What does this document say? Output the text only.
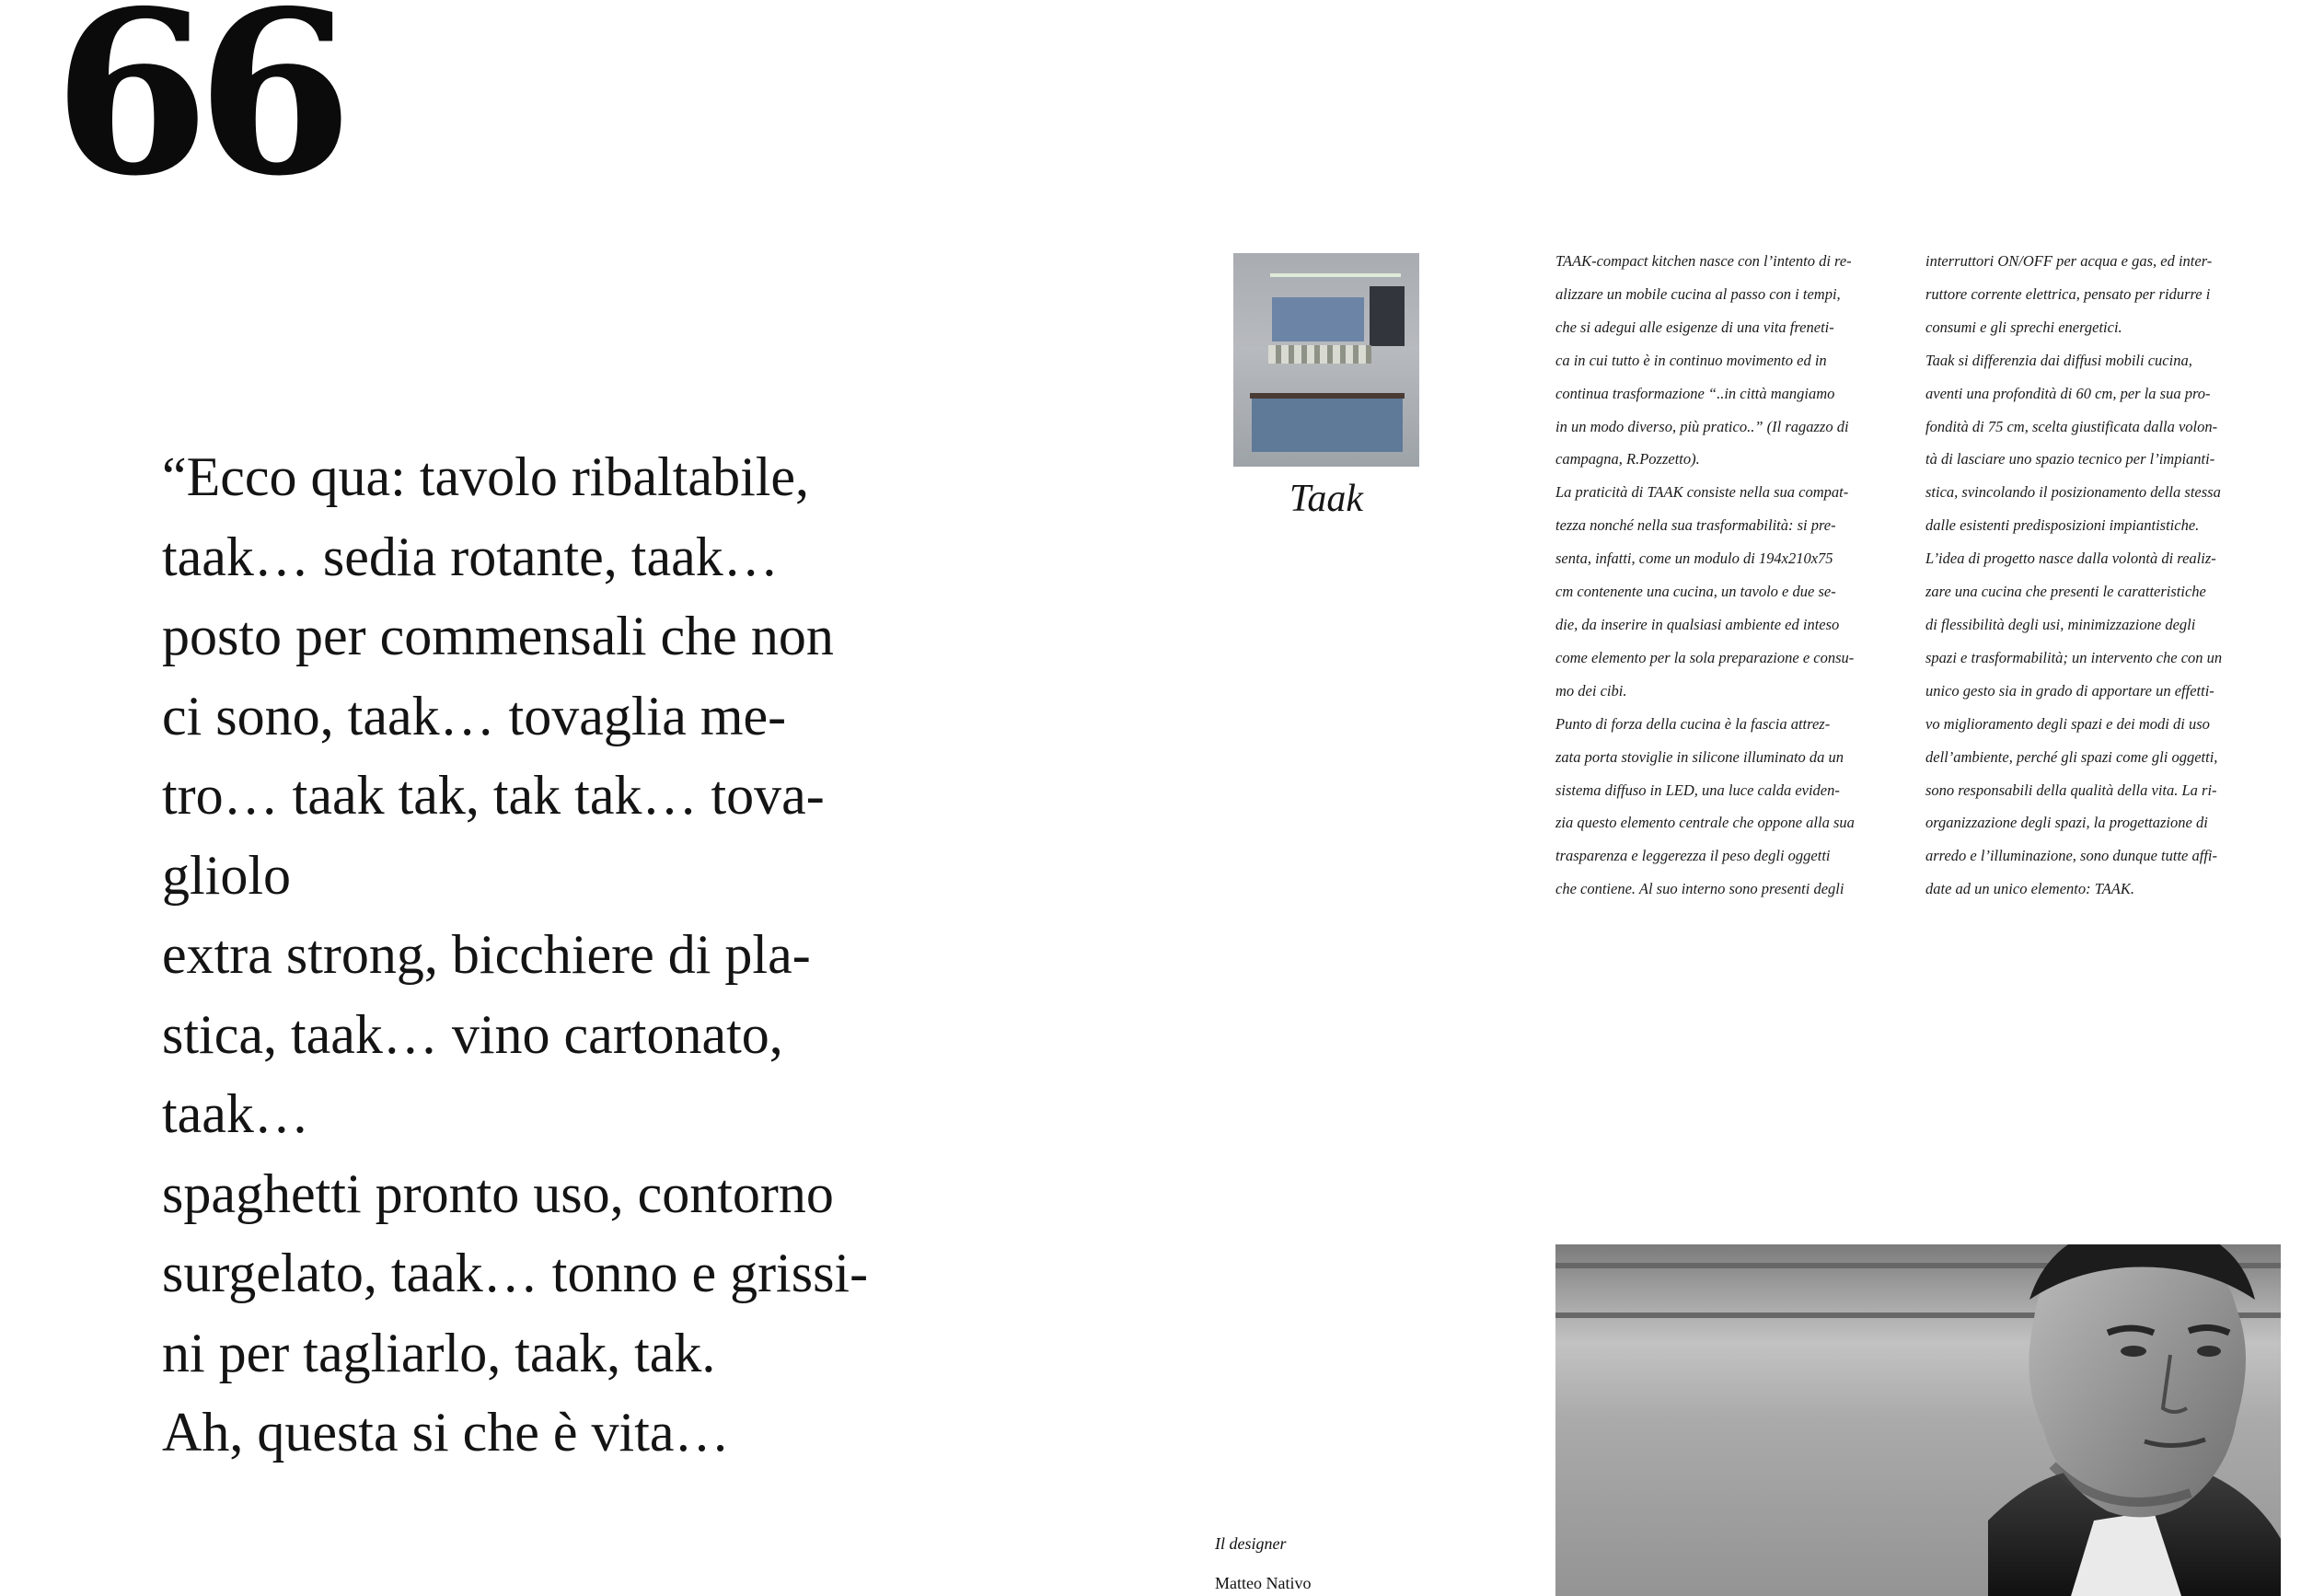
66
“Ecco qua: tavolo ribaltabile,
taak… sedia rotante, taak…
posto per commensali che non
ci sono, taak… tovaglia me-
tro… taak tak, tak tak… tova-
gliolo
extra strong, bicchiere di pla-
stica, taak… vino cartonato,
taak…
spaghetti pronto uso, contorno
surgelato, taak… tonno e grissi-
ni per tagliarlo, taak, tak.
Ah, questa si che è vita…
Taak
TAAK-compact kitchen nasce con l’intento di re-
alizzare un mobile cucina al passo con i tempi,
che si adegui alle esigenze di una vita freneti-
ca in cui tutto è in continuo movimento ed in
continua trasformazione “..in città mangiamo
in un modo diverso, più pratico..” (Il ragazzo di
campagna, R.Pozzetto).
La praticità di TAAK consiste nella sua compat-
tezza nonché nella sua trasformabilità: si pre-
senta, infatti, come un modulo di 194x210x75
cm contenente una cucina, un tavolo e due se-
die, da inserire in qualsiasi ambiente ed inteso
come elemento per la sola preparazione e consu-
mo dei cibi.
Punto di forza della cucina è la fascia attrez-
zata porta stoviglie in silicone illuminato da un
sistema diffuso in LED, una luce calda eviden-
zia questo elemento centrale che oppone alla sua
trasparenza e leggerezza il peso degli oggetti
che contiene. Al suo interno sono presenti degli
interruttori ON/OFF per acqua e gas, ed inter-
ruttore corrente elettrica, pensato per ridurre i
consumi e gli sprechi energetici.
Taak si differenzia dai diffusi mobili cucina,
aventi una profondità di 60 cm, per la sua pro-
fondità di 75 cm, scelta giustificata dalla volon-
tà di lasciare uno spazio tecnico per l’impianti-
stica, svincolando il posizionamento della stessa
dalle esistenti predisposizioni impiantistiche.
L’idea di progetto nasce dalla volontà di realiz-
zare una cucina che presenti le caratteristiche
di flessibilità degli usi, minimizzazione degli
spazi e trasformabilità; un intervento che con un
unico gesto sia in grado di apportare un effetti-
vo miglioramento degli spazi e dei modi di uso
dell’ambiente, perché gli spazi come gli oggetti,
sono responsabili della qualità della vita. La ri-
organizzazione degli spazi, la progettazione di
arredo e l’illuminazione, sono dunque tutte affi-
date ad un unico elemento: TAAK.
Il designer
Matteo Nativo
